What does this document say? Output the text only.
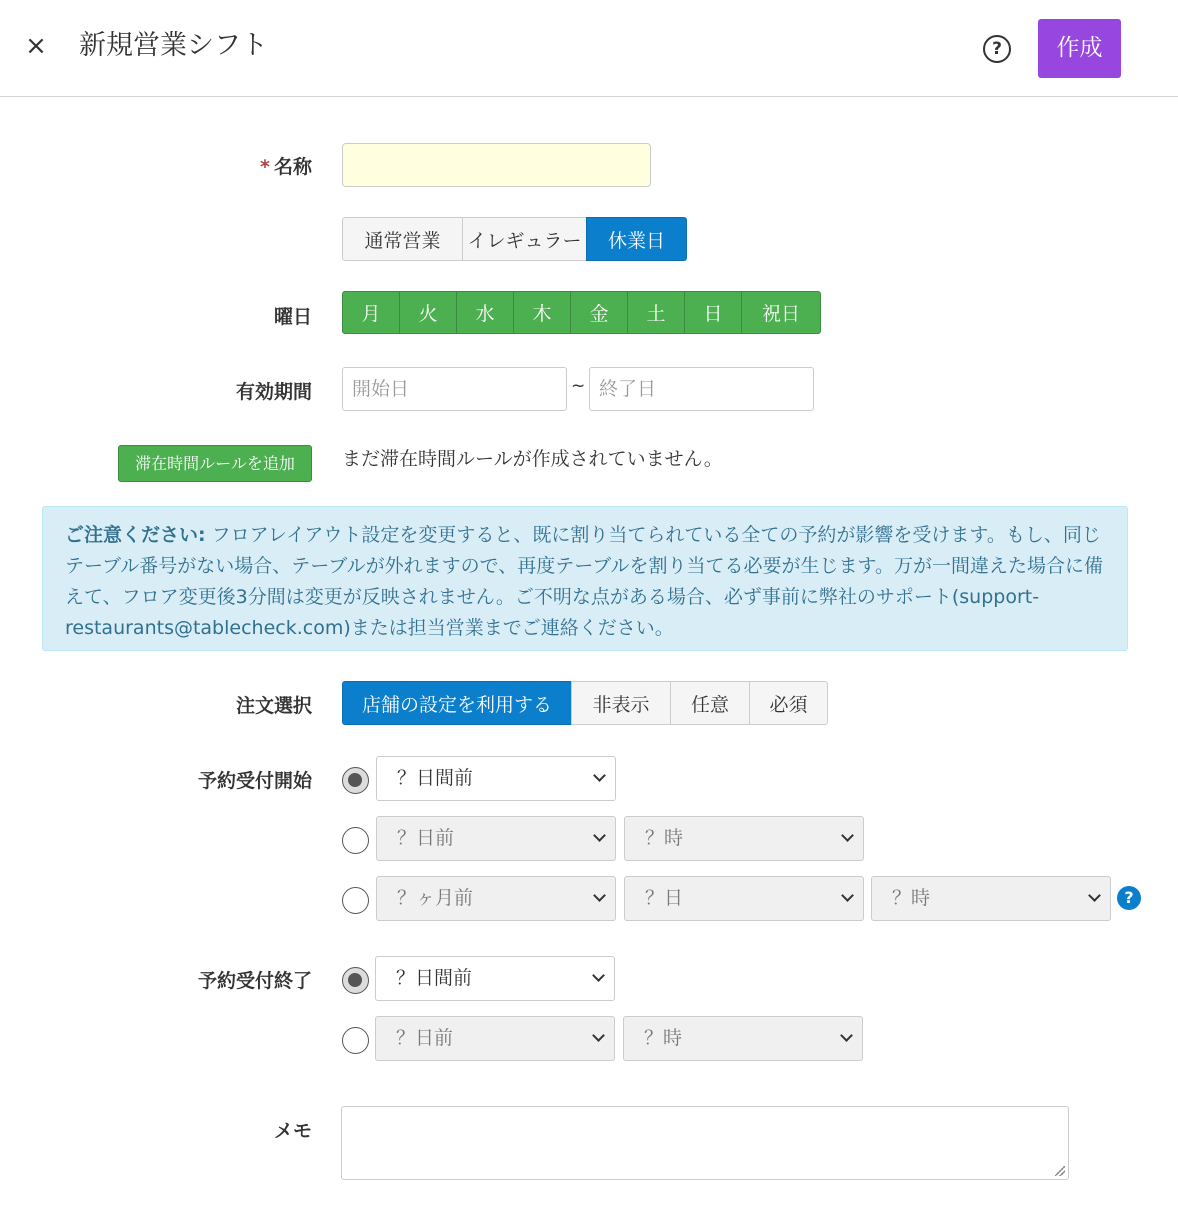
× 新規営業シフト	?	作成
* 名称
通常営業	イレギュラー	休業日
曜日	月	火	水	木	金	土	日	祝日
有効期間	開始日	~ 終了日
滞在時間ルールを追加	まだ滞在時間ルールが作成されていません。
ご注意ください: フロアレイアウト設定を変更すると、既に割り当てられている全ての予約が影響を受けます。もし、同じテーブル番号がない場合、テーブルが外れますので、再度テーブルを割り当てる必要が生じます。万が一間違えた場合に備えて、フロア変更後3分間は変更が反映されません。ご不明な点がある場合、必ず事前に弊社のサポート(support-restaurants@tablecheck.com)または担当営業までご連絡ください。
注文選択	店舗の設定を利用する	非表示	任意	必須
予約受付開始	？日間前
？日前	？時
？ヶ月前	？日	？時	?
予約受付終了	？日間前
？日前	？時
メモ
